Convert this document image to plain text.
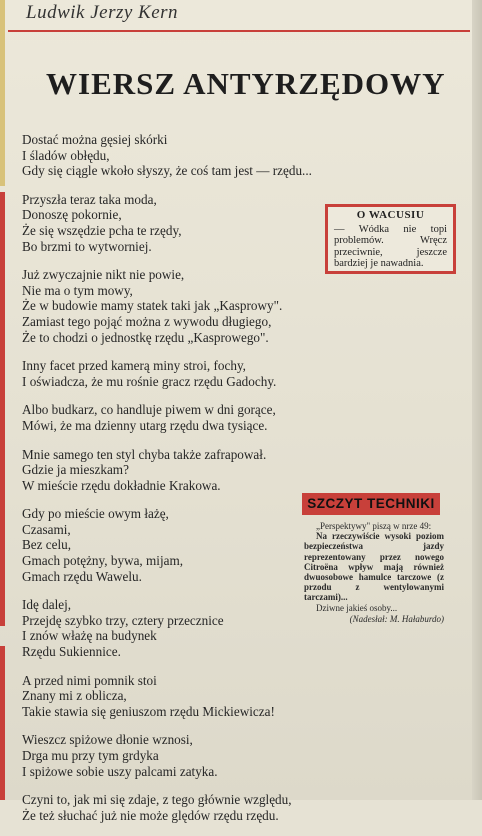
Ludwik Jerzy Kern
WIERSZ ANTYRZĘDOWY
Dostać można gęsiej skórki
I śladów obłędu,
Gdy się ciągle wkoło słyszy, że coś tam jest — rzędu...
Przyszła teraz taka moda,
Donoszę pokornie,
Że się wszędzie pcha te rzędy,
Bo brzmi to wytworniej.
Już zwyczajnie nikt nie powie,
Nie ma o tym mowy,
Że w budowie mamy statek taki jak „Kasprowy".
Zamiast tego pojąć można z wywodu długiego,
Że to chodzi o jednostkę rzędu „Kasprowego".
Inny facet przed kamerą miny stroi, fochy,
I oświadcza, że mu rośnie gracz rzędu Gadochy.
Albo budkarz, co handluje piwem w dni gorące,
Mówi, że ma dzienny utarg rzędu dwa tysiące.
Mnie samego ten styl chyba także zafrapował.
Gdzie ja mieszkam?
W mieście rzędu dokładnie Krakowa.
Gdy po mieście owym łażę,
Czasami,
Bez celu,
Gmach potężny, bywa, mijam,
Gmach rzędu Wawelu.
Idę dalej,
Przejdę szybko trzy, cztery przecznice
I znów włażę na budynek
Rzędu Sukiennice.
A przed nimi pomnik stoi
Znany mi z oblicza,
Takie stawia się geniuszom rzędu Mickiewicza!
Wieszcz spiżowe dłonie wznosi,
Drga mu przy tym grdyka
I spiżowe sobie uszy palcami zatyka.
Czyni to, jak mi się zdaje, z tego głównie względu,
Że też słuchać już nie może ględów rzędu rzędu.
O WACUSIU
— Wódka nie topi problemów. Wręcz przeciwnie, jeszcze bardziej je nawadnia.
SZCZYT TECHNIKI
„Perspektywy" piszą w nrze 49:
Na rzeczywiście wysoki poziom bezpieczeństwa jazdy reprezentowany przez nowego Citroëna wpływ mają również dwuosobowe hamulce tarczowe (z przodu z wentylowanymi tarczami)...
Dziwne jakieś osoby...
(Nadesłał: M. Hałaburdo)
